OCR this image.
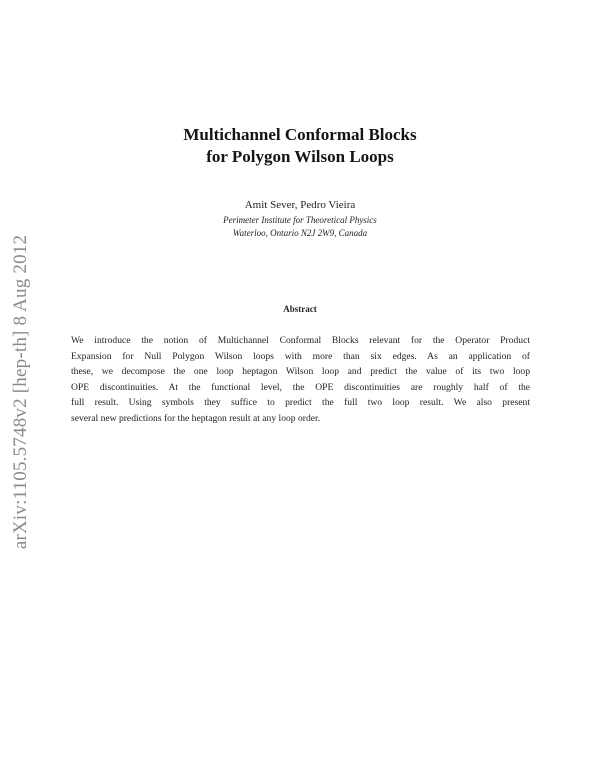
arXiv:1105.5748v2 [hep-th] 8 Aug 2012
Multichannel Conformal Blocks
for Polygon Wilson Loops
Amit Sever, Pedro Vieira
Perimeter Institute for Theoretical Physics
Waterloo, Ontario N2J 2W9, Canada
Abstract
We introduce the notion of Multichannel Conformal Blocks relevant for the Operator Product
Expansion for Null Polygon Wilson loops with more than six edges. As an application of
these, we decompose the one loop heptagon Wilson loop and predict the value of its two loop
OPE discontinuities. At the functional level, the OPE discontinuities are roughly half of the
full result. Using symbols they suffice to predict the full two loop result. We also present
several new predictions for the heptagon result at any loop order.
